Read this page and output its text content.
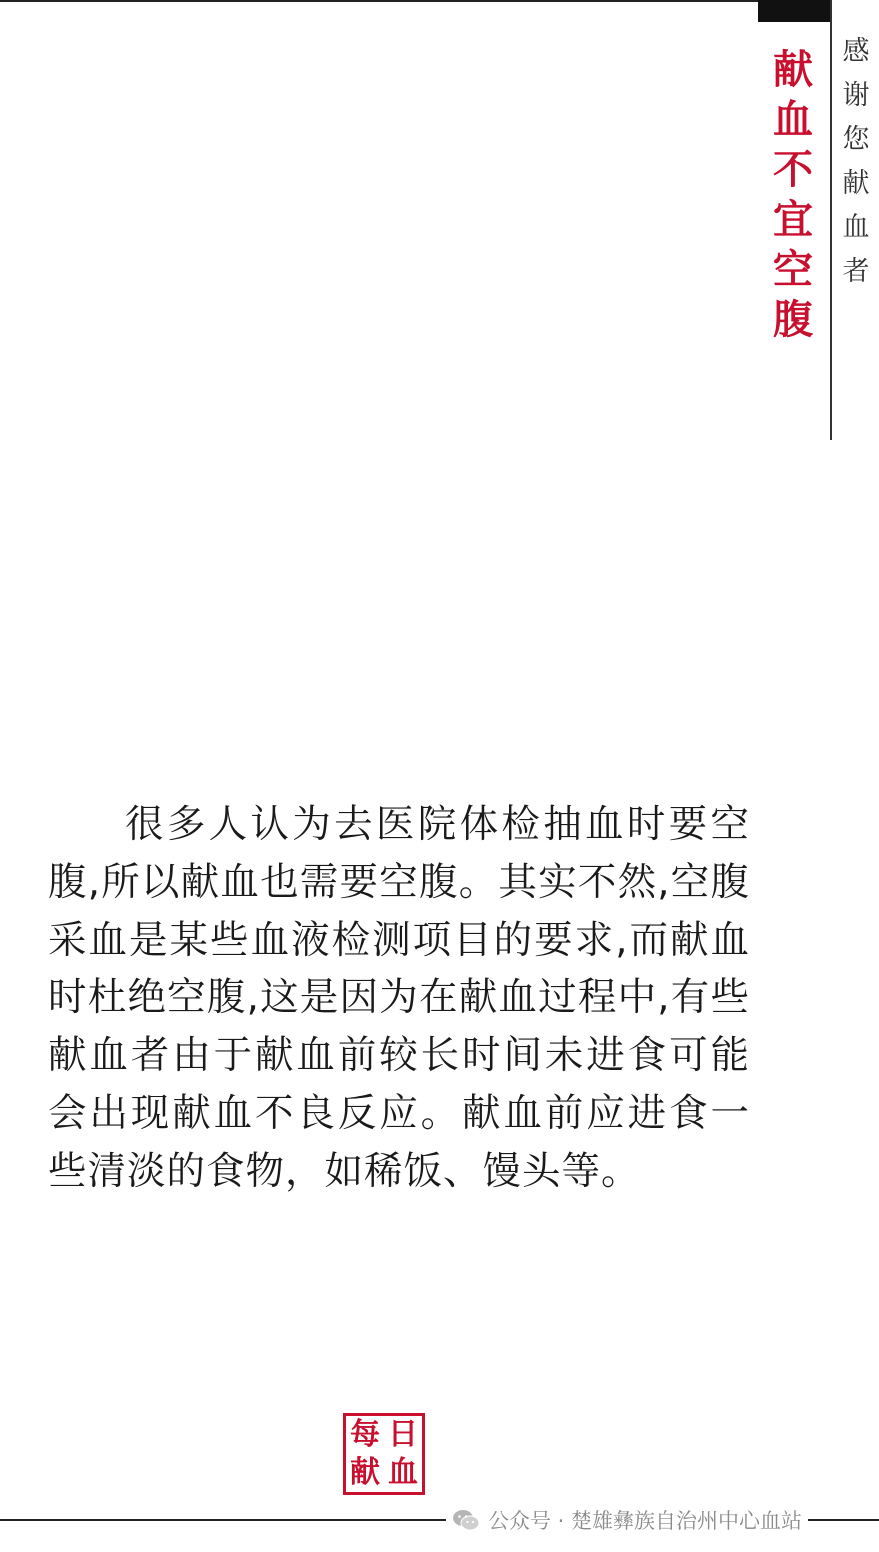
献血不宜空腹
感谢您献血者

很多人认为去医院体检抽血时要空腹,所以献血也需要空腹。其实不然,空腹采血是某些血液检测项目的要求,而献血时杜绝空腹,这是因为在献血过程中,有些献血者由于献血前较长时间未进食可能会出现献血不良反应。献血前应进食一些清淡的食物，如稀饭、馒头等。

每 日
献 血
公众号 · 楚雄彝族自治州中心血站
